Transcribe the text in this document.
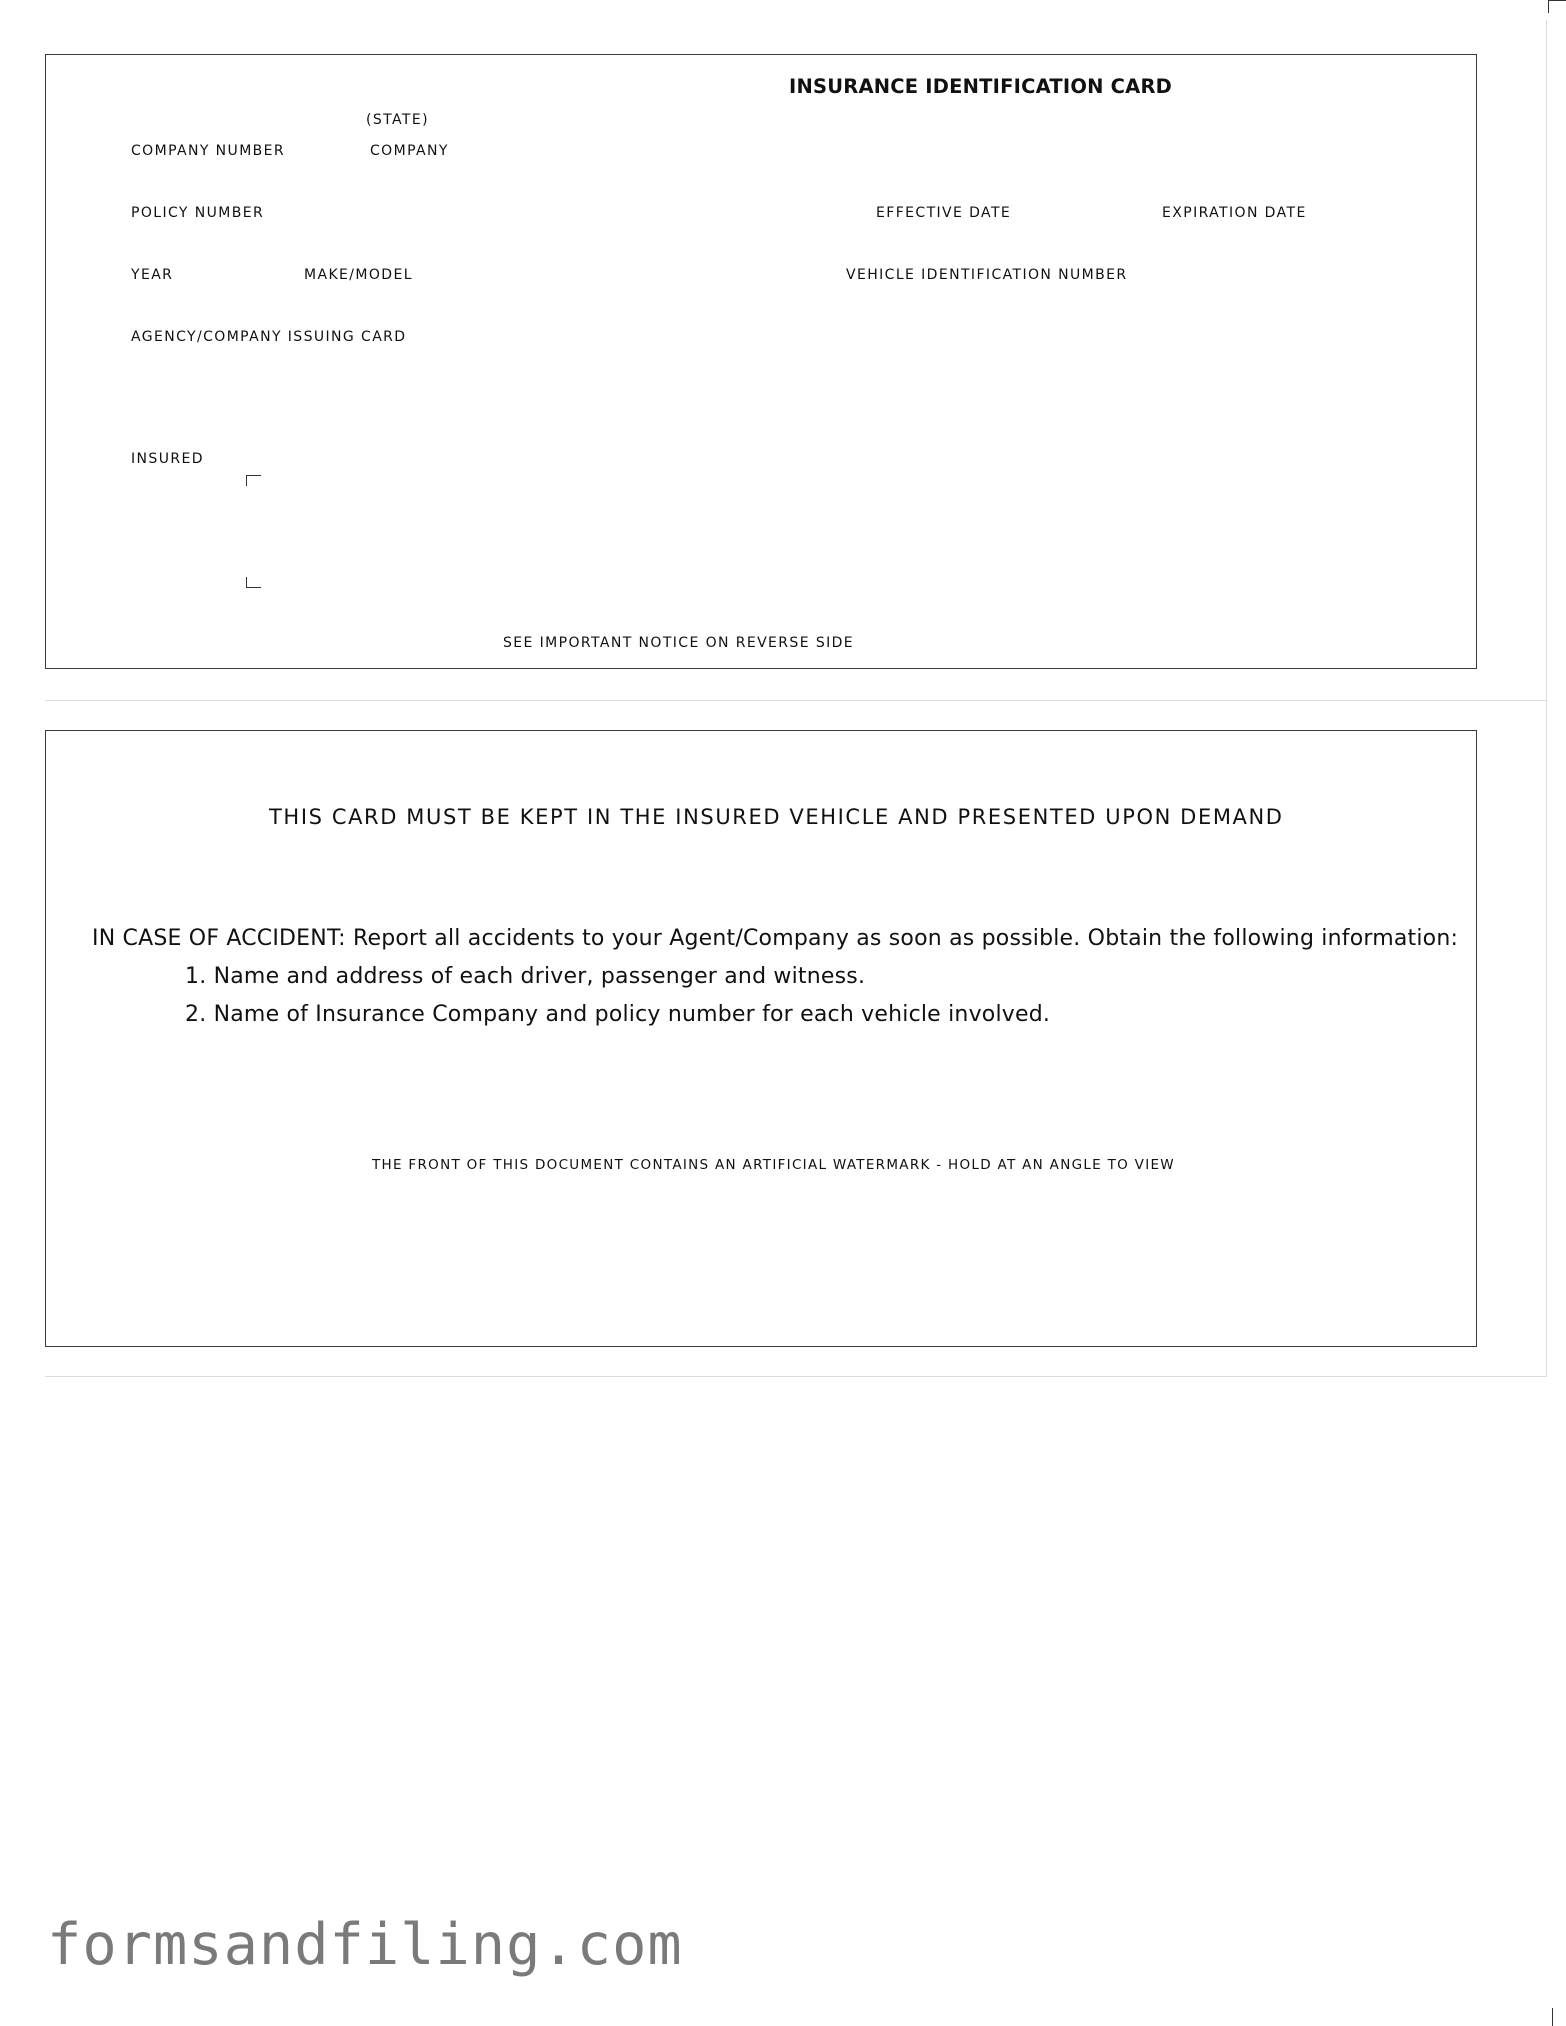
INSURANCE IDENTIFICATION CARD
(STATE)
COMPANY NUMBER	COMPANY
POLICY NUMBER	EFFECTIVE DATE	EXPIRATION DATE
YEAR	MAKE/MODEL	VEHICLE IDENTIFICATION NUMBER
AGENCY/COMPANY ISSUING CARD
INSURED
SEE IMPORTANT NOTICE ON REVERSE SIDE
THIS CARD MUST BE KEPT IN THE INSURED VEHICLE AND PRESENTED UPON DEMAND
IN CASE OF ACCIDENT: Report all accidents to your Agent/Company as soon as possible. Obtain the following information:
1. Name and address of each driver, passenger and witness.
2. Name of Insurance Company and policy number for each vehicle involved.
THE FRONT OF THIS DOCUMENT CONTAINS AN ARTIFICIAL WATERMARK - HOLD AT AN ANGLE TO VIEW
formsandfiling.com
